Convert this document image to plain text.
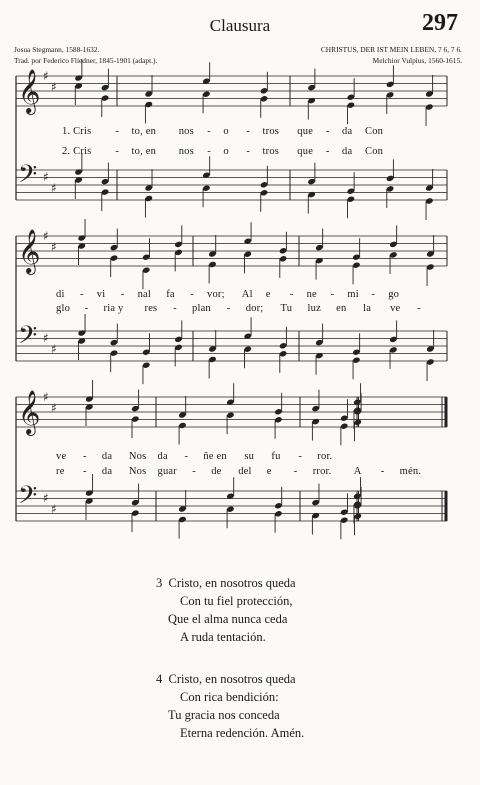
Clausura	297
Josua Stegmann, 1588-1632.
Trad. por Federico Fliedner, 1845-1901 (adapt.).
CHRISTUS, DER IST MEIN LEBEN, 7 6, 7 6.
Melchior Vulpius, 1560-1615.
𝄞 ♯
♯
𝄢 ♯
♯
𝄞 ♯
♯
𝄢 ♯
♯
𝄞 ♯
♯
𝄢 ♯
♯
1. Cris - to, en nos - o - tros que - da Con
2. Cris - to, en nos - o - tros que - da Con
di - vi - nal fa - vor; Al e - ne - mi - go
glo - ria y res - plan - dor; Tu luz en la ve -
ve - da Nos da - ñe en su fu - ror.
re - da Nos guar - de del e - rror. A - mén.
3 Cristo, en nosotros queda
Con tu fiel protección,
Que el alma nunca ceda
A ruda tentación.
4 Cristo, en nosotros queda
Con rica bendición:
Tu gracia nos conceda
Eterna redención. Amén.
